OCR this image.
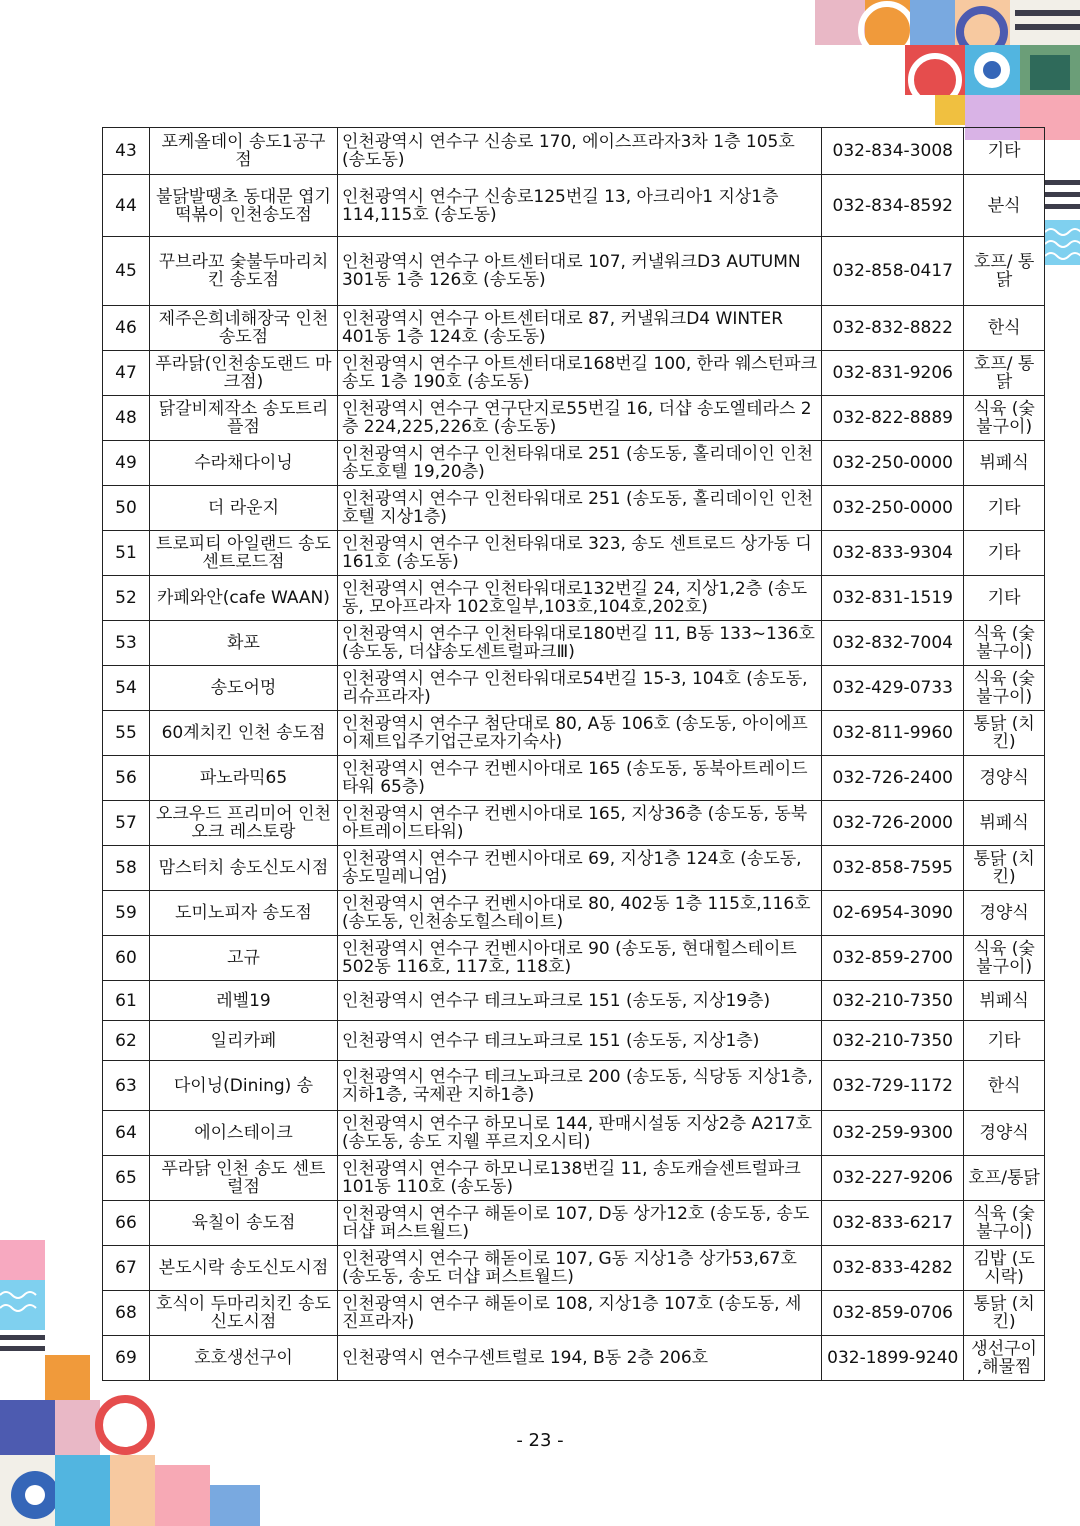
43	포케올데이 송도1공구점	인천광역시 연수구 신송로 170, 에이스프라자3차 1층 105호 (송도동)	032-834-3008	기타
44	불닭발땡초 동대문 엽기떡볶이 인천송도점	인천광역시 연수구 신송로125번길 13, 아크리아1 지상1층 114,115호 (송도동)	032-834-8592	분식
45	꾸브라꼬 숯불두마리치킨 송도점	인천광역시 연수구 아트센터대로 107, 커낼워크D3 AUTUMN 301동 1층 126호 (송도동)	032-858-0417	호프/ 통닭
46	제주은희네해장국 인천송도점	인천광역시 연수구 아트센터대로 87, 커낼워크D4 WINTER 401동 1층 124호 (송도동)	032-832-8822	한식
47	푸라닭(인천송도랜드 마크점)	인천광역시 연수구 아트센터대로168번길 100, 한라 웨스턴파크 송도 1층 190호 (송도동)	032-831-9206	호프/ 통닭
48	닭갈비제작소 송도트리플점	인천광역시 연수구 연구단지로55번길 16, 더샵 송도엘테라스 2층 224,225,226호 (송도동)	032-822-8889	식육 (숯불구이)
49	수라채다이닝	인천광역시 연수구 인천타워대로 251 (송도동, 홀리데이인 인천송도호텔 19,20층)	032-250-0000	뷔페식
50	더 라운지	인천광역시 연수구 인천타워대로 251 (송도동, 홀리데이인 인천호텔 지상1층)	032-250-0000	기타
51	트로피티 아일랜드 송도센트로드점	인천광역시 연수구 인천타워대로 323, 송도 센트로드 상가동 디161호 (송도동)	032-833-9304	기타
52	카페와안(cafe WAAN)	인천광역시 연수구 인천타워대로132번길 24, 지상1,2층 (송도동, 모아프라자 102호일부,103호,104호,202호)	032-831-1519	기타
53	화포	인천광역시 연수구 인천타워대로180번길 11, B동 133~136호 (송도동, 더샵송도센트럴파크Ⅲ)	032-832-7004	식육 (숯불구이)
54	송도어멍	인천광역시 연수구 인천타워대로54번길 15-3, 104호 (송도동, 리슈프라자)	032-429-0733	식육 (숯불구이)
55	60계치킨 인천 송도점	인천광역시 연수구 첨단대로 80, A동 106호 (송도동, 아이에프이제트입주기업근로자기숙사)	032-811-9960	통닭 (치킨)
56	파노라믹65	인천광역시 연수구 컨벤시아대로 165 (송도동, 동북아트레이드타워 65층)	032-726-2400	경양식
57	오크우드 프리미어 인천 오크 레스토랑	인천광역시 연수구 컨벤시아대로 165, 지상36층 (송도동, 동북아트레이드타워)	032-726-2000	뷔페식
58	맘스터치 송도신도시점	인천광역시 연수구 컨벤시아대로 69, 지상1층 124호 (송도동, 송도밀레니엄)	032-858-7595	통닭 (치킨)
59	도미노피자 송도점	인천광역시 연수구 컨벤시아대로 80, 402동 1층 115호,116호 (송도동, 인천송도힐스테이트)	02-6954-3090	경양식
60	고규	인천광역시 연수구 컨벤시아대로 90 (송도동, 현대힐스테이트 502동 116호, 117호, 118호)	032-859-2700	식육 (숯불구이)
61	레벨19	인천광역시 연수구 테크노파크로 151 (송도동, 지상19층)	032-210-7350	뷔페식
62	일리카페	인천광역시 연수구 테크노파크로 151 (송도동, 지상1층)	032-210-7350	기타
63	다이닝(Dining) 송	인천광역시 연수구 테크노파크로 200 (송도동, 식당동 지상1층,지하1층, 국제관 지하1층)	032-729-1172	한식
64	에이스테이크	인천광역시 연수구 하모니로 144, 판매시설동 지상2층 A217호 (송도동, 송도 지웰 푸르지오시티)	032-259-9300	경양식
65	푸라닭 인천 송도 센트럴점	인천광역시 연수구 하모니로138번길 11, 송도캐슬센트럴파크 101동 110호 (송도동)	032-227-9206	호프/통닭
66	육칠이 송도점	인천광역시 연수구 해돋이로 107, D동 상가12호 (송도동, 송도 더샵 퍼스트월드)	032-833-6217	식육 (숯불구이)
67	본도시락 송도신도시점	인천광역시 연수구 해돋이로 107, G동 지상1층 상가53,67호 (송도동, 송도 더샵 퍼스트월드)	032-833-4282	김밥 (도시락)
68	호식이 두마리치킨 송도신도시점	인천광역시 연수구 해돋이로 108, 지상1층 107호 (송도동, 세진프라자)	032-859-0706	통닭 (치킨)
69	호호생선구이	인천광역시 연수구센트럴로 194, B동 2층 206호	032-1899-9240	생선구이 ,해물찜
- 23 -
